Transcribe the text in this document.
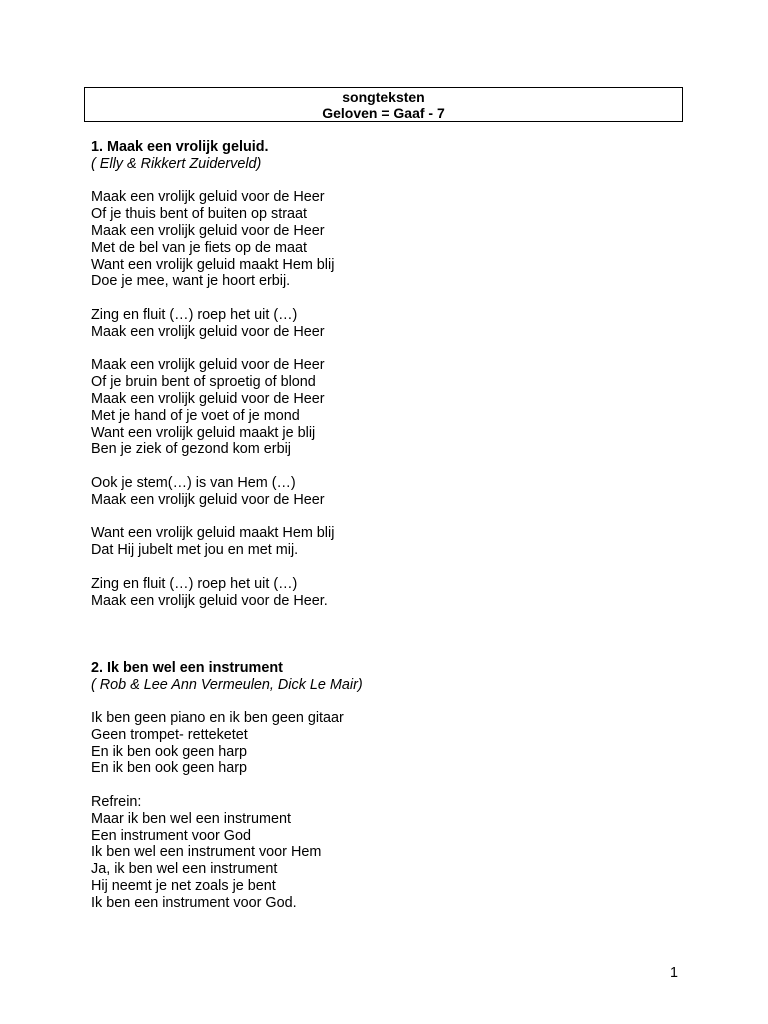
songteksten
Geloven = Gaaf - 7
1. Maak een vrolijk geluid.
( Elly & Rikkert Zuiderveld)
Maak een vrolijk geluid voor de Heer
Of je thuis bent of buiten op straat
Maak een vrolijk geluid voor de Heer
Met de bel van je fiets op de maat
Want een vrolijk geluid maakt Hem blij
Doe je mee, want je hoort erbij.
Zing en fluit (…) roep het uit (…)
Maak een vrolijk geluid voor de Heer
Maak een vrolijk geluid voor de Heer
Of je bruin bent of sproetig of blond
Maak een vrolijk geluid voor de Heer
Met je hand of je voet of je mond
Want een vrolijk geluid maakt je blij
Ben je ziek of gezond kom erbij
Ook je stem(…) is van Hem (…)
Maak een vrolijk geluid voor de Heer
Want een vrolijk geluid maakt Hem blij
Dat Hij jubelt met jou en met mij.
Zing en fluit (…) roep het uit (…)
Maak een vrolijk geluid voor de Heer.
2. Ik ben wel een instrument
( Rob & Lee Ann Vermeulen, Dick Le Mair)
Ik ben geen piano en ik ben geen gitaar
Geen trompet- retteketet
En ik ben ook geen harp
En ik ben ook geen harp
Refrein:
Maar ik ben wel een instrument
Een instrument voor God
Ik ben wel een instrument voor Hem
Ja, ik ben wel een instrument
Hij neemt je net zoals je bent
Ik ben een instrument voor God.
1
